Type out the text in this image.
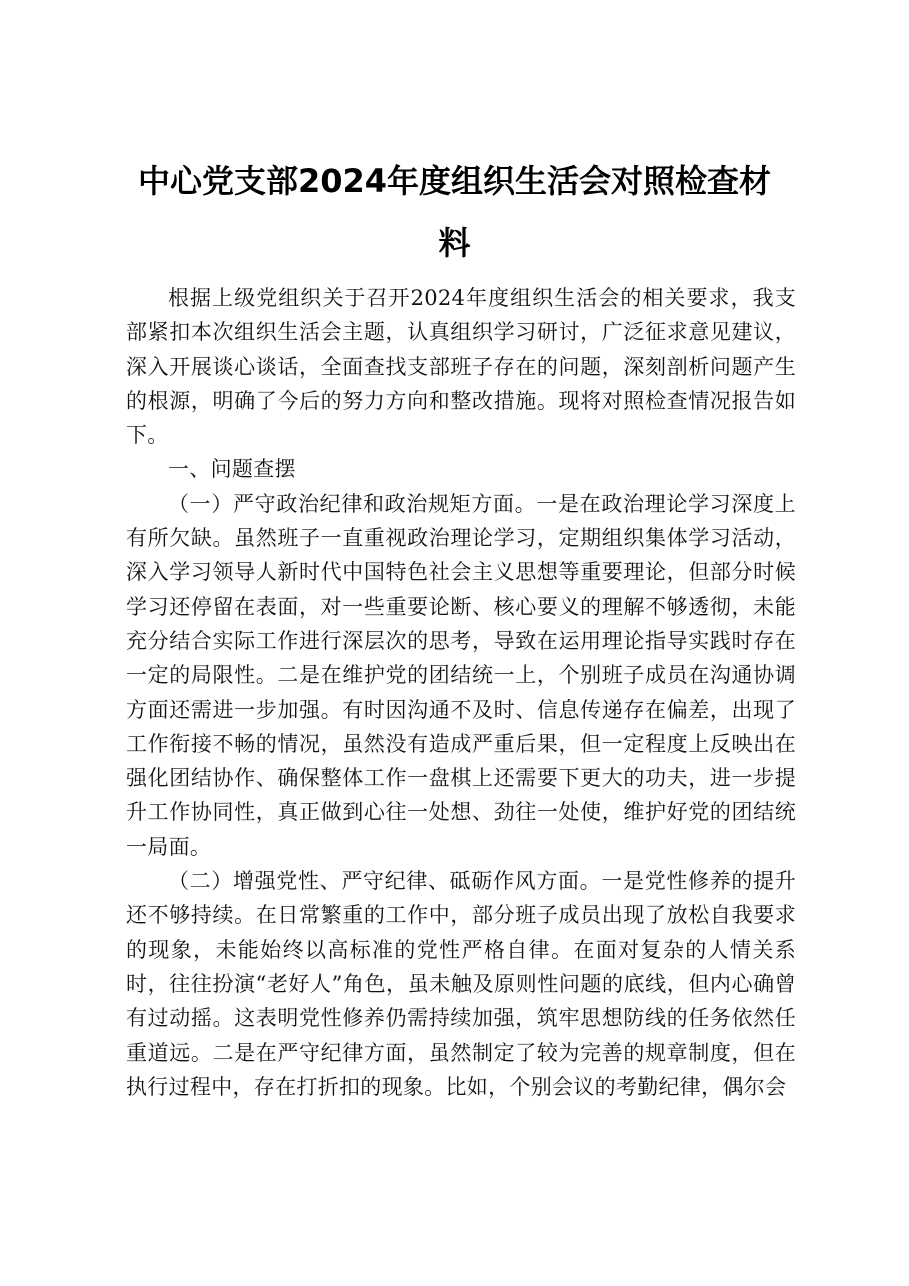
中心党支部2024年度组织生活会对照检查材
料

根据上级党组织关于召开2024年度组织生活会的相关要求，我支部紧扣本次组织生活会主题，认真组织学习研讨，广泛征求意见建议，深入开展谈心谈话，全面查找支部班子存在的问题，深刻剖析问题产生的根源，明确了今后的努力方向和整改措施。现将对照检查情况报告如下。

一、问题查摆

（一）严守政治纪律和政治规矩方面。一是在政治理论学习深度上有所欠缺。虽然班子一直重视政治理论学习，定期组织集体学习活动，深入学习领导人新时代中国特色社会主义思想等重要理论，但部分时候学习还停留在表面，对一些重要论断、核心要义的理解不够透彻，未能充分结合实际工作进行深层次的思考，导致在运用理论指导实践时存在一定的局限性。二是在维护党的团结统一上，个别班子成员在沟通协调方面还需进一步加强。有时因沟通不及时、信息传递存在偏差，出现了工作衔接不畅的情况，虽然没有造成严重后果，但一定程度上反映出在强化团结协作、确保整体工作一盘棋上还需要下更大的功夫，进一步提升工作协同性，真正做到心往一处想、劲往一处使，维护好党的团结统一局面。

（二）增强党性、严守纪律、砥砺作风方面。一是党性修养的提升还不够持续。在日常繁重的工作中，部分班子成员出现了放松自我要求的现象，未能始终以高标准的党性严格自律。在面对复杂的人情关系时，往往扮演“老好人”角色，虽未触及原则性问题的底线，但内心确曾有过动摇。这表明党性修养仍需持续加强，筑牢思想防线的任务依然任重道远。二是在严守纪律方面，虽然制定了较为完善的规章制度，但在执行过程中，存在打折扣的现象。比如，个别会议的考勤纪律，偶尔会
